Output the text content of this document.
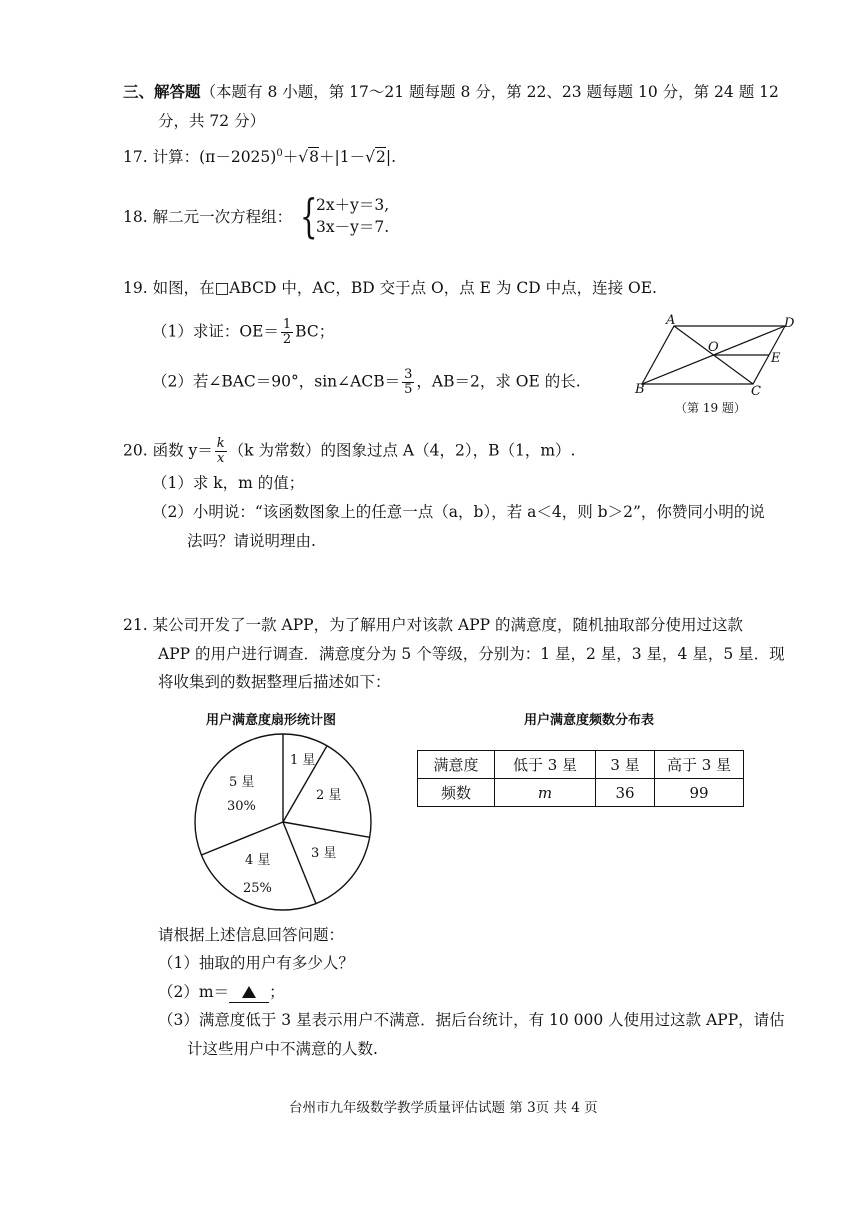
三、解答题（本题有 8 小题，第 17～21 题每题 8 分，第 22、23 题每题 10 分，第 24 题 12
分，共 72 分）
17. 计算：$(\pi-2025)^0+√8+|1-√2|$.
18. 解二元一次方程组： {
2x＋y＝3,
3x－y＝7.
19. 如图，在□ABCD 中，AC，BD 交于点 O，点 E 为 CD 中点，连接 OE.
（1）求证：$OE= \frac{1}{2}$ BC；
（2）若∠BAC＝90°，sin∠ACB＝ $\frac{3}{5}$ ，AB＝2，求 OE 的长.
A	D
O
E
B	C
（第 19 题）
20. 函数 $y= \frac{k}{x} (k$ 为常数）的图象过点 A（4，2），B（1，m）.
（1）求 k，m 的值；
（2）小明说：“该函数图象上的任意一点（a，b），若 a＜4，则 b＞2”，你赞同小明的说
法吗？请说明理由.
21. 某公司开发了一款 APP，为了解用户对该款 APP 的满意度，随机抽取部分使用过这款
APP 的用户进行调查．满意度分为 5 个等级，分别为：1 星，2 星，3 星，4 星，5 星．现
将收集到的数据整理后描述如下：
用户满意度扇形统计图	用户满意度频数分布表
1 星
2 星
3 星
4 星
25%
5 星
30%
满意度	低于 3 星	3 星	高于 3 星
频数	m	36	99
请根据上述信息回答问题：
（1）抽取的用户有多少人？
（2）m＝	；
（3）满意度低于 3 星表示用户不满意．据后台统计，有 10 000 人使用过这款 APP，请估
计这些用户中不满意的人数.
台州市九年级数学教学质量评估试题 第 3页 共 4 页
